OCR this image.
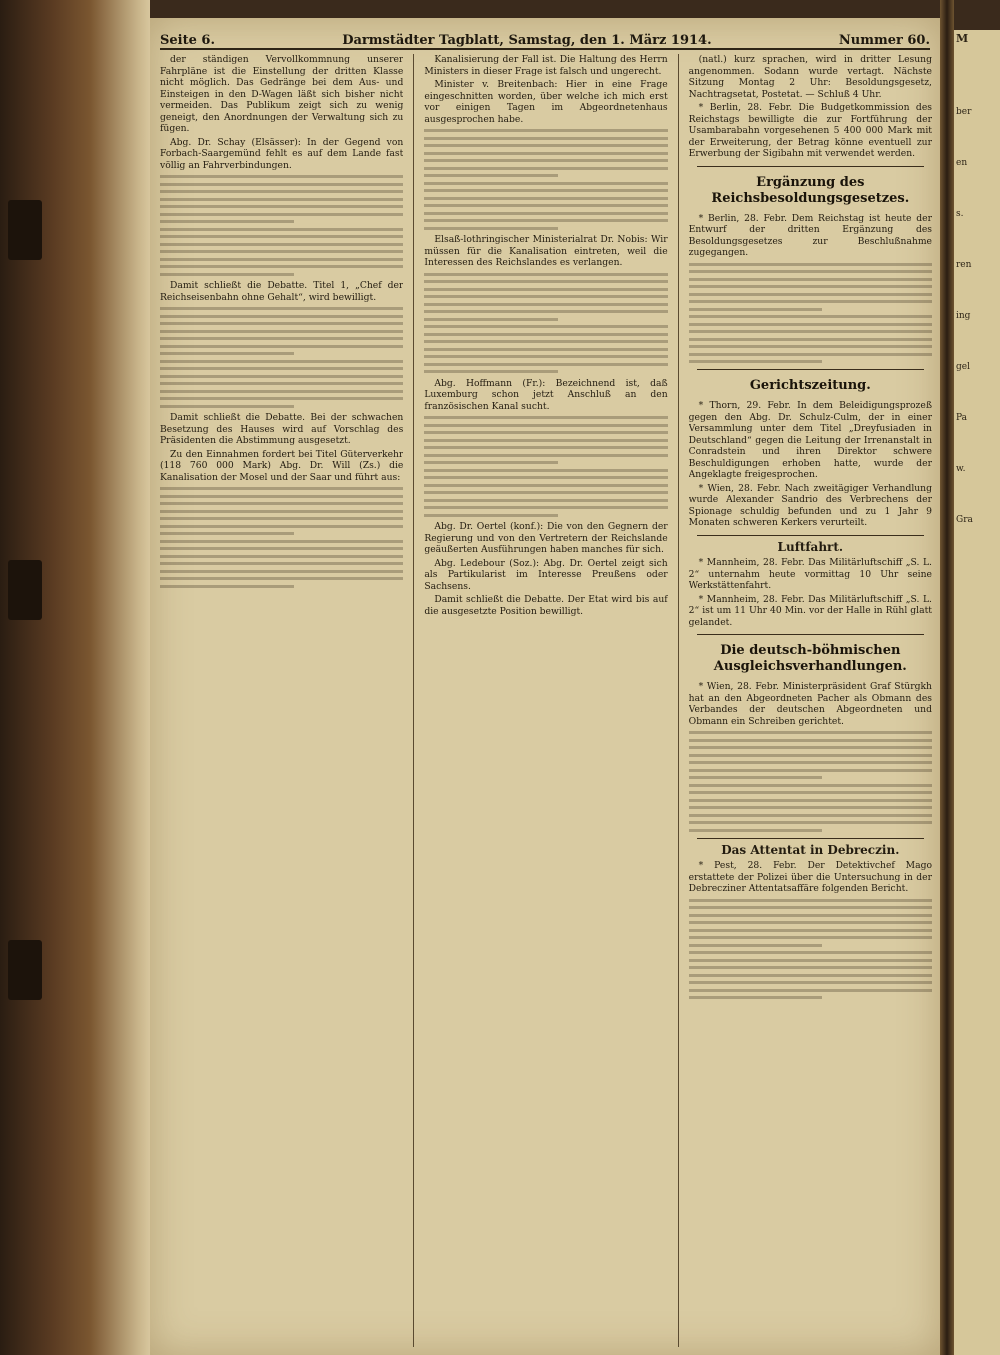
Seite 6.	Darmstädter Tagblatt, Samstag, den 1. März 1914.	Nummer 60.

der ständigen Vervollkommnung unserer Fahrpläne ist die Einstellung der dritten Klasse nicht möglich. Das Gedränge bei dem Aus- und Einsteigen in den D-Wagen läßt sich bisher nicht vermeiden. Das Publikum zeigt sich zu wenig geneigt, den Anordnungen der Verwaltung sich zu fügen.

Abg. Dr. Schay (Elsässer): In der Gegend von Forbach-Saargemünd fehlt es auf dem Lande fast völlig an Fahrverbindungen.

Damit schließt die Debatte. Titel 1, „Chef der Reichseisenbahn ohne Gehalt“, wird bewilligt.

Damit schließt die Debatte. Bei der schwachen Besetzung des Hauses wird auf Vorschlag des Präsidenten die Abstimmung ausgesetzt.

Zu den Einnahmen fordert bei Titel Güterverkehr (118 760 000 Mark) Abg. Dr. Will (Zs.) die Kanalisation der Mosel und der Saar und führt aus:

Kanalisierung der Fall ist. Die Haltung des Herrn Ministers in dieser Frage ist falsch und ungerecht.

Minister v. Breitenbach: Hier in eine Frage eingeschnitten worden, über welche ich mich erst vor einigen Tagen im Abgeordnetenhaus ausgesprochen habe.

Elsaß-lothringischer Ministerialrat Dr. Nobis: Wir müssen für die Kanalisation eintreten, weil die Interessen des Reichslandes es verlangen.

Abg. Hoffmann (Fr.): Bezeichnend ist, daß Luxemburg schon jetzt Anschluß an den französischen Kanal sucht.

Abg. Dr. Oertel (konf.): Die von den Gegnern der Regierung und von den Vertretern der Reichslande geäußerten Ausführungen haben manches für sich.

Abg. Ledebour (Soz.): Abg. Dr. Oertel zeigt sich als Partikularist im Interesse Preußens oder Sachsens.

Damit schließt die Debatte. Der Etat wird bis auf die ausgesetzte Position bewilligt.

(natl.) kurz sprachen, wird in dritter Lesung angenommen. Sodann wurde vertagt. Nächste Sitzung Montag 2 Uhr: Besoldungsgesetz, Nachtragsetat, Postetat. — Schluß 4 Uhr.

* Berlin, 28. Febr. Die Budgetkommission des Reichstags bewilligte die zur Fortführung der Usambarabahn vorgesehenen 5 400 000 Mark mit der Erweiterung, der Betrag könne eventuell zur Erwerbung der Sigibahn mit verwendet werden.

Ergänzung des Reichsbesoldungsgesetzes.

* Berlin, 28. Febr. Dem Reichstag ist heute der Entwurf der dritten Ergänzung des Besoldungsgesetzes zur Beschlußnahme zugegangen.

Gerichtszeitung.

* Thorn, 29. Febr. In dem Beleidigungsprozeß gegen den Abg. Dr. Schulz-Culm, der in einer Versammlung unter dem Titel „Dreyfusiaden in Deutschland“ gegen die Leitung der Irrenanstalt in Conradstein und ihren Direktor schwere Beschuldigungen erhoben hatte, wurde der Angeklagte freigesprochen.

* Wien, 28. Febr. Nach zweitägiger Verhandlung wurde Alexander Sandrio des Verbrechens der Spionage schuldig befunden und zu 1 Jahr 9 Monaten schweren Kerkers verurteilt.

Luftfahrt.

* Mannheim, 28. Febr. Das Militärluftschiff „S. L. 2“ unternahm heute vormittag 10 Uhr seine Werkstättenfahrt.

* Mannheim, 28. Febr. Das Militärluftschiff „S. L. 2“ ist um 11 Uhr 40 Min. vor der Halle in Rühl glatt gelandet.

Die deutsch-böhmischen Ausgleichsverhandlungen.

* Wien, 28. Febr. Ministerpräsident Graf Stürgkh hat an den Abgeordneten Pacher als Obmann des Verbandes der deutschen Abgeordneten und Obmann ein Schreiben gerichtet.

Das Attentat in Debreczin.

* Pest, 28. Febr. Der Detektivchef Mago erstattete der Polizei über die Untersuchung in der Debrecziner Attentatsaffäre folgenden Bericht.

M
ber
en
s.
ren
ing
gel
Pa
w.
Gra
